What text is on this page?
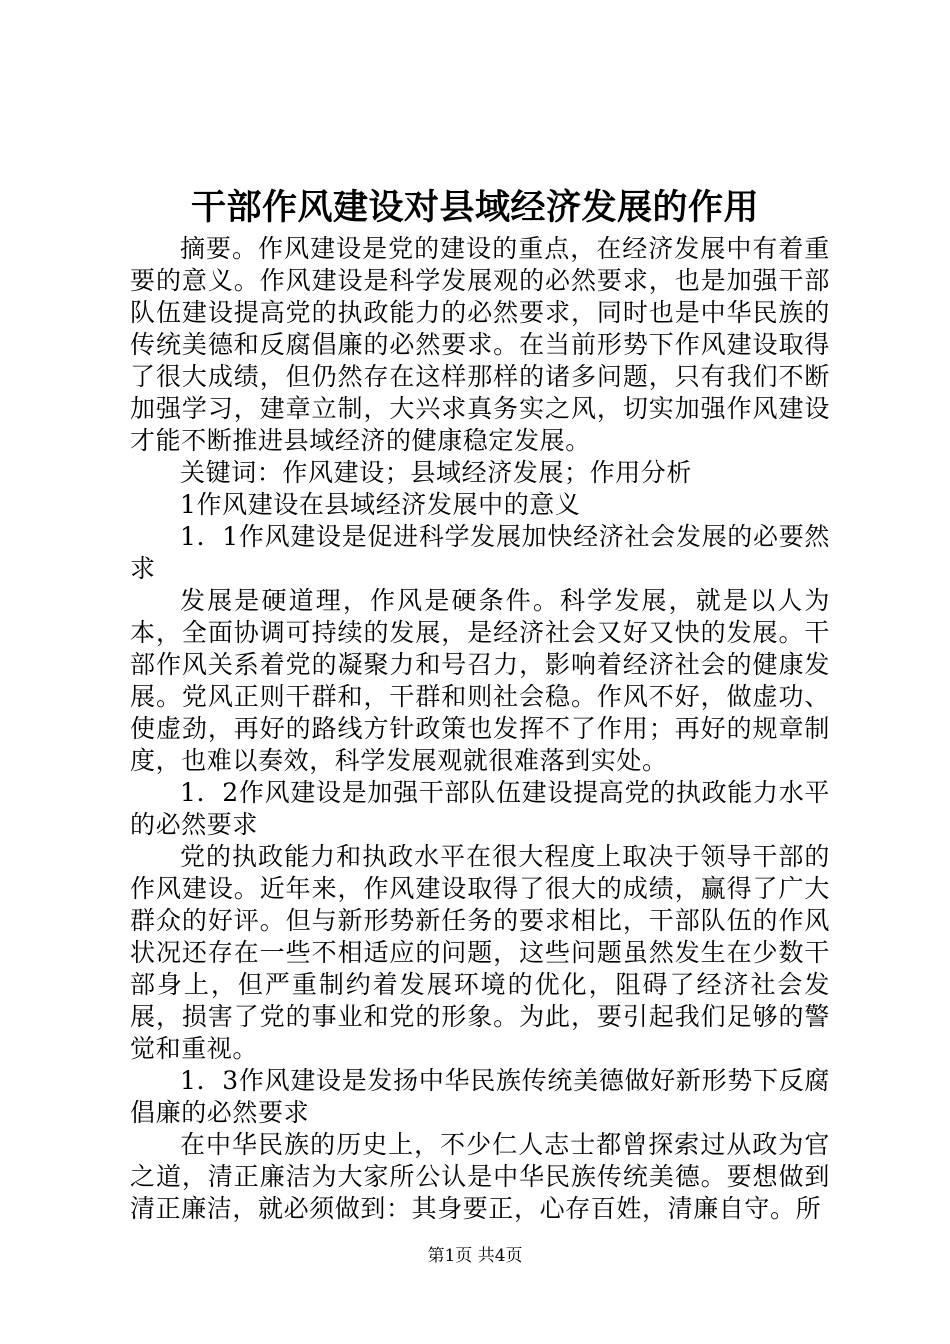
干部作风建设对县域经济发展的作用

摘要。作风建设是党的建设的重点，在经济发展中有着重要的意义。作风建设是科学发展观的必然要求，也是加强干部队伍建设提高党的执政能力的必然要求，同时也是中华民族的传统美德和反腐倡廉的必然要求。在当前形势下作风建设取得了很大成绩，但仍然存在这样那样的诸多问题，只有我们不断加强学习，建章立制，大兴求真务实之风，切实加强作风建设才能不断推进县域经济的健康稳定发展。

关键词：作风建设；县域经济发展；作用分析

1作风建设在县域经济发展中的意义

1．1作风建设是促进科学发展加快经济社会发展的必要然求

发展是硬道理，作风是硬条件。科学发展，就是以人为本，全面协调可持续的发展，是经济社会又好又快的发展。干部作风关系着党的凝聚力和号召力，影响着经济社会的健康发展。党风正则干群和，干群和则社会稳。作风不好，做虚功、使虚劲，再好的路线方针政策也发挥不了作用；再好的规章制度，也难以奏效，科学发展观就很难落到实处。

1．2作风建设是加强干部队伍建设提高党的执政能力水平的必然要求

党的执政能力和执政水平在很大程度上取决于领导干部的作风建设。近年来，作风建设取得了很大的成绩，赢得了广大群众的好评。但与新形势新任务的要求相比，干部队伍的作风状况还存在一些不相适应的问题，这些问题虽然发生在少数干部身上，但严重制约着发展环境的优化，阻碍了经济社会发展，损害了党的事业和党的形象。为此，要引起我们足够的警觉和重视。

1．3作风建设是发扬中华民族传统美德做好新形势下反腐倡廉的必然要求

在中华民族的历史上，不少仁人志士都曾探索过从政为官之道，清正廉洁为大家所公认是中华民族传统美德。要想做到清正廉洁，就必须做到：其身要正，心存百姓，清廉自守。所

第1页 共4页
